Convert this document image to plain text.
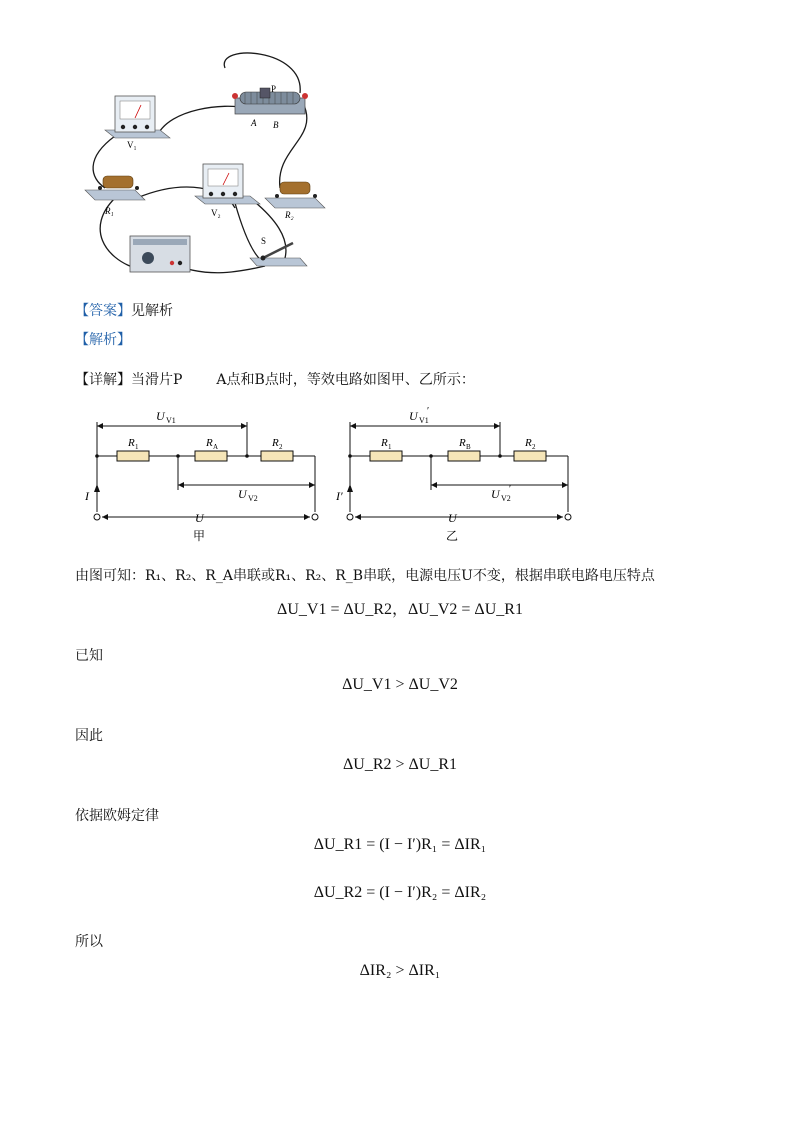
V₁
P
A B
R₁	V₂	R₂
S
【答案】见解析
【解析】
【详解】当滑片P A点和B点时，等效电路如图甲、乙所示：
U V1
R 1	R A	R 2
U V2
I
U
甲
U V1
′
R 1	R B	R 2
U V2
′
I′
U
乙
由图可知：R₁、R₂、R_A串联或R₁、R₂、R_B串联，电源电压U不变，根据串联电路电压特点
ΔU_V1 = ΔU_R2，ΔU_V2 = ΔU_R1
已知
ΔU_V1 > ΔU_V2
因此
ΔU_R2 > ΔU_R1
依据欧姆定律
ΔU_R1 = (I − I′)R₁ = ΔIR₁
ΔU_R2 = (I − I′)R₂ = ΔIR₂
所以
ΔIR₂ > ΔIR₁
